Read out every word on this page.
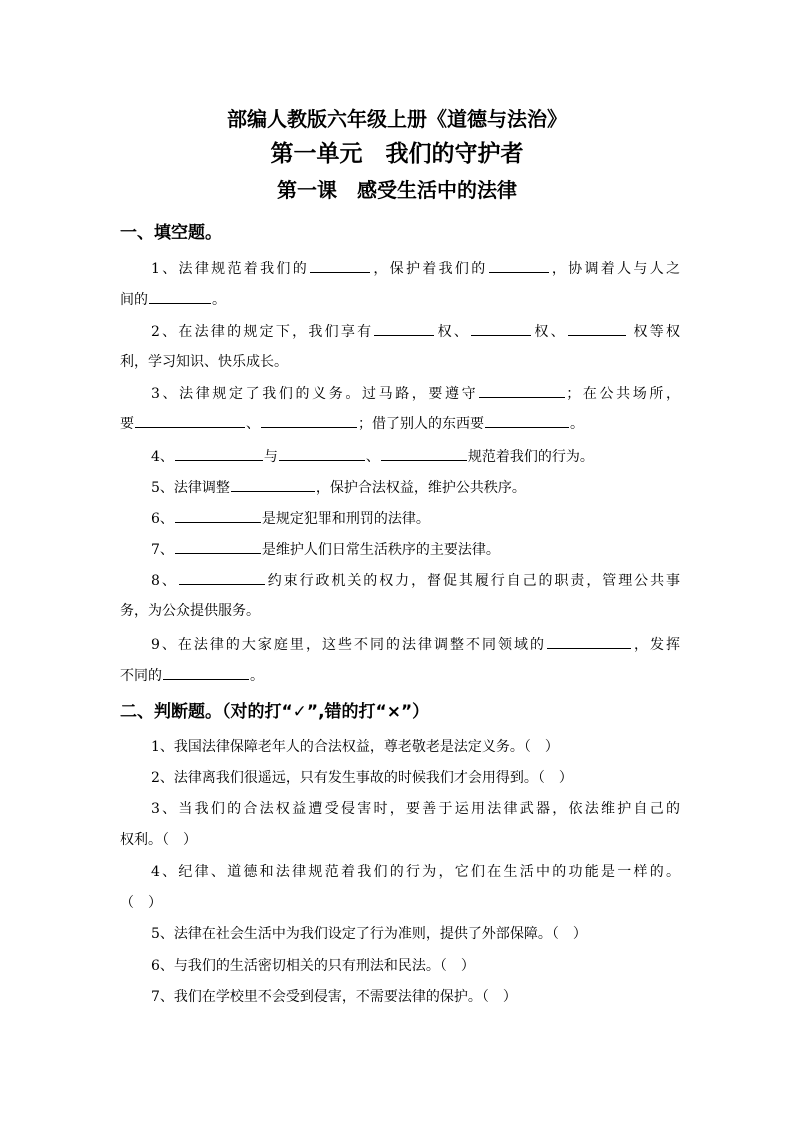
部编人教版六年级上册《道德与法治》
第一单元　我们的守护者
第一课　感受生活中的法律
一、填空题。
1、法律规范着我们的	，保护着我们的	，协调着人与人之
间的	。
2、在法律的规定下，我们享有	权、	权、	权等权
利，学习知识、快乐成长。
3、法律规定了我们的义务。过马路，要遵守	；在公共场所，
要	、	；借了别人的东西要	。
4、	与	、	规范着我们的行为。
5、法律调整	，保护合法权益，维护公共秩序。
6、	是规定犯罪和刑罚的法律。
7、	是维护人们日常生活秩序的主要法律。
8、	约束行政机关的权力，督促其履行自己的职责，管理公共事
务，为公众提供服务。
9、在法律的大家庭里，这些不同的法律调整不同领域的	，发挥
不同的	。
二、判断题。（对的打“✓”,错的打“×”）
1、我国法律保障老年人的合法权益，尊老敬老是法定义务。（　）
2、法律离我们很遥远，只有发生事故的时候我们才会用得到。（　）
3、当我们的合法权益遭受侵害时，要善于运用法律武器，依法维护自己的
权利。（　）
4、纪律、道德和法律规范着我们的行为，它们在生活中的功能是一样的。
（　）
5、法律在社会生活中为我们设定了行为准则，提供了外部保障。（　）
6、与我们的生活密切相关的只有刑法和民法。（　）
7、我们在学校里不会受到侵害，不需要法律的保护。（　）
